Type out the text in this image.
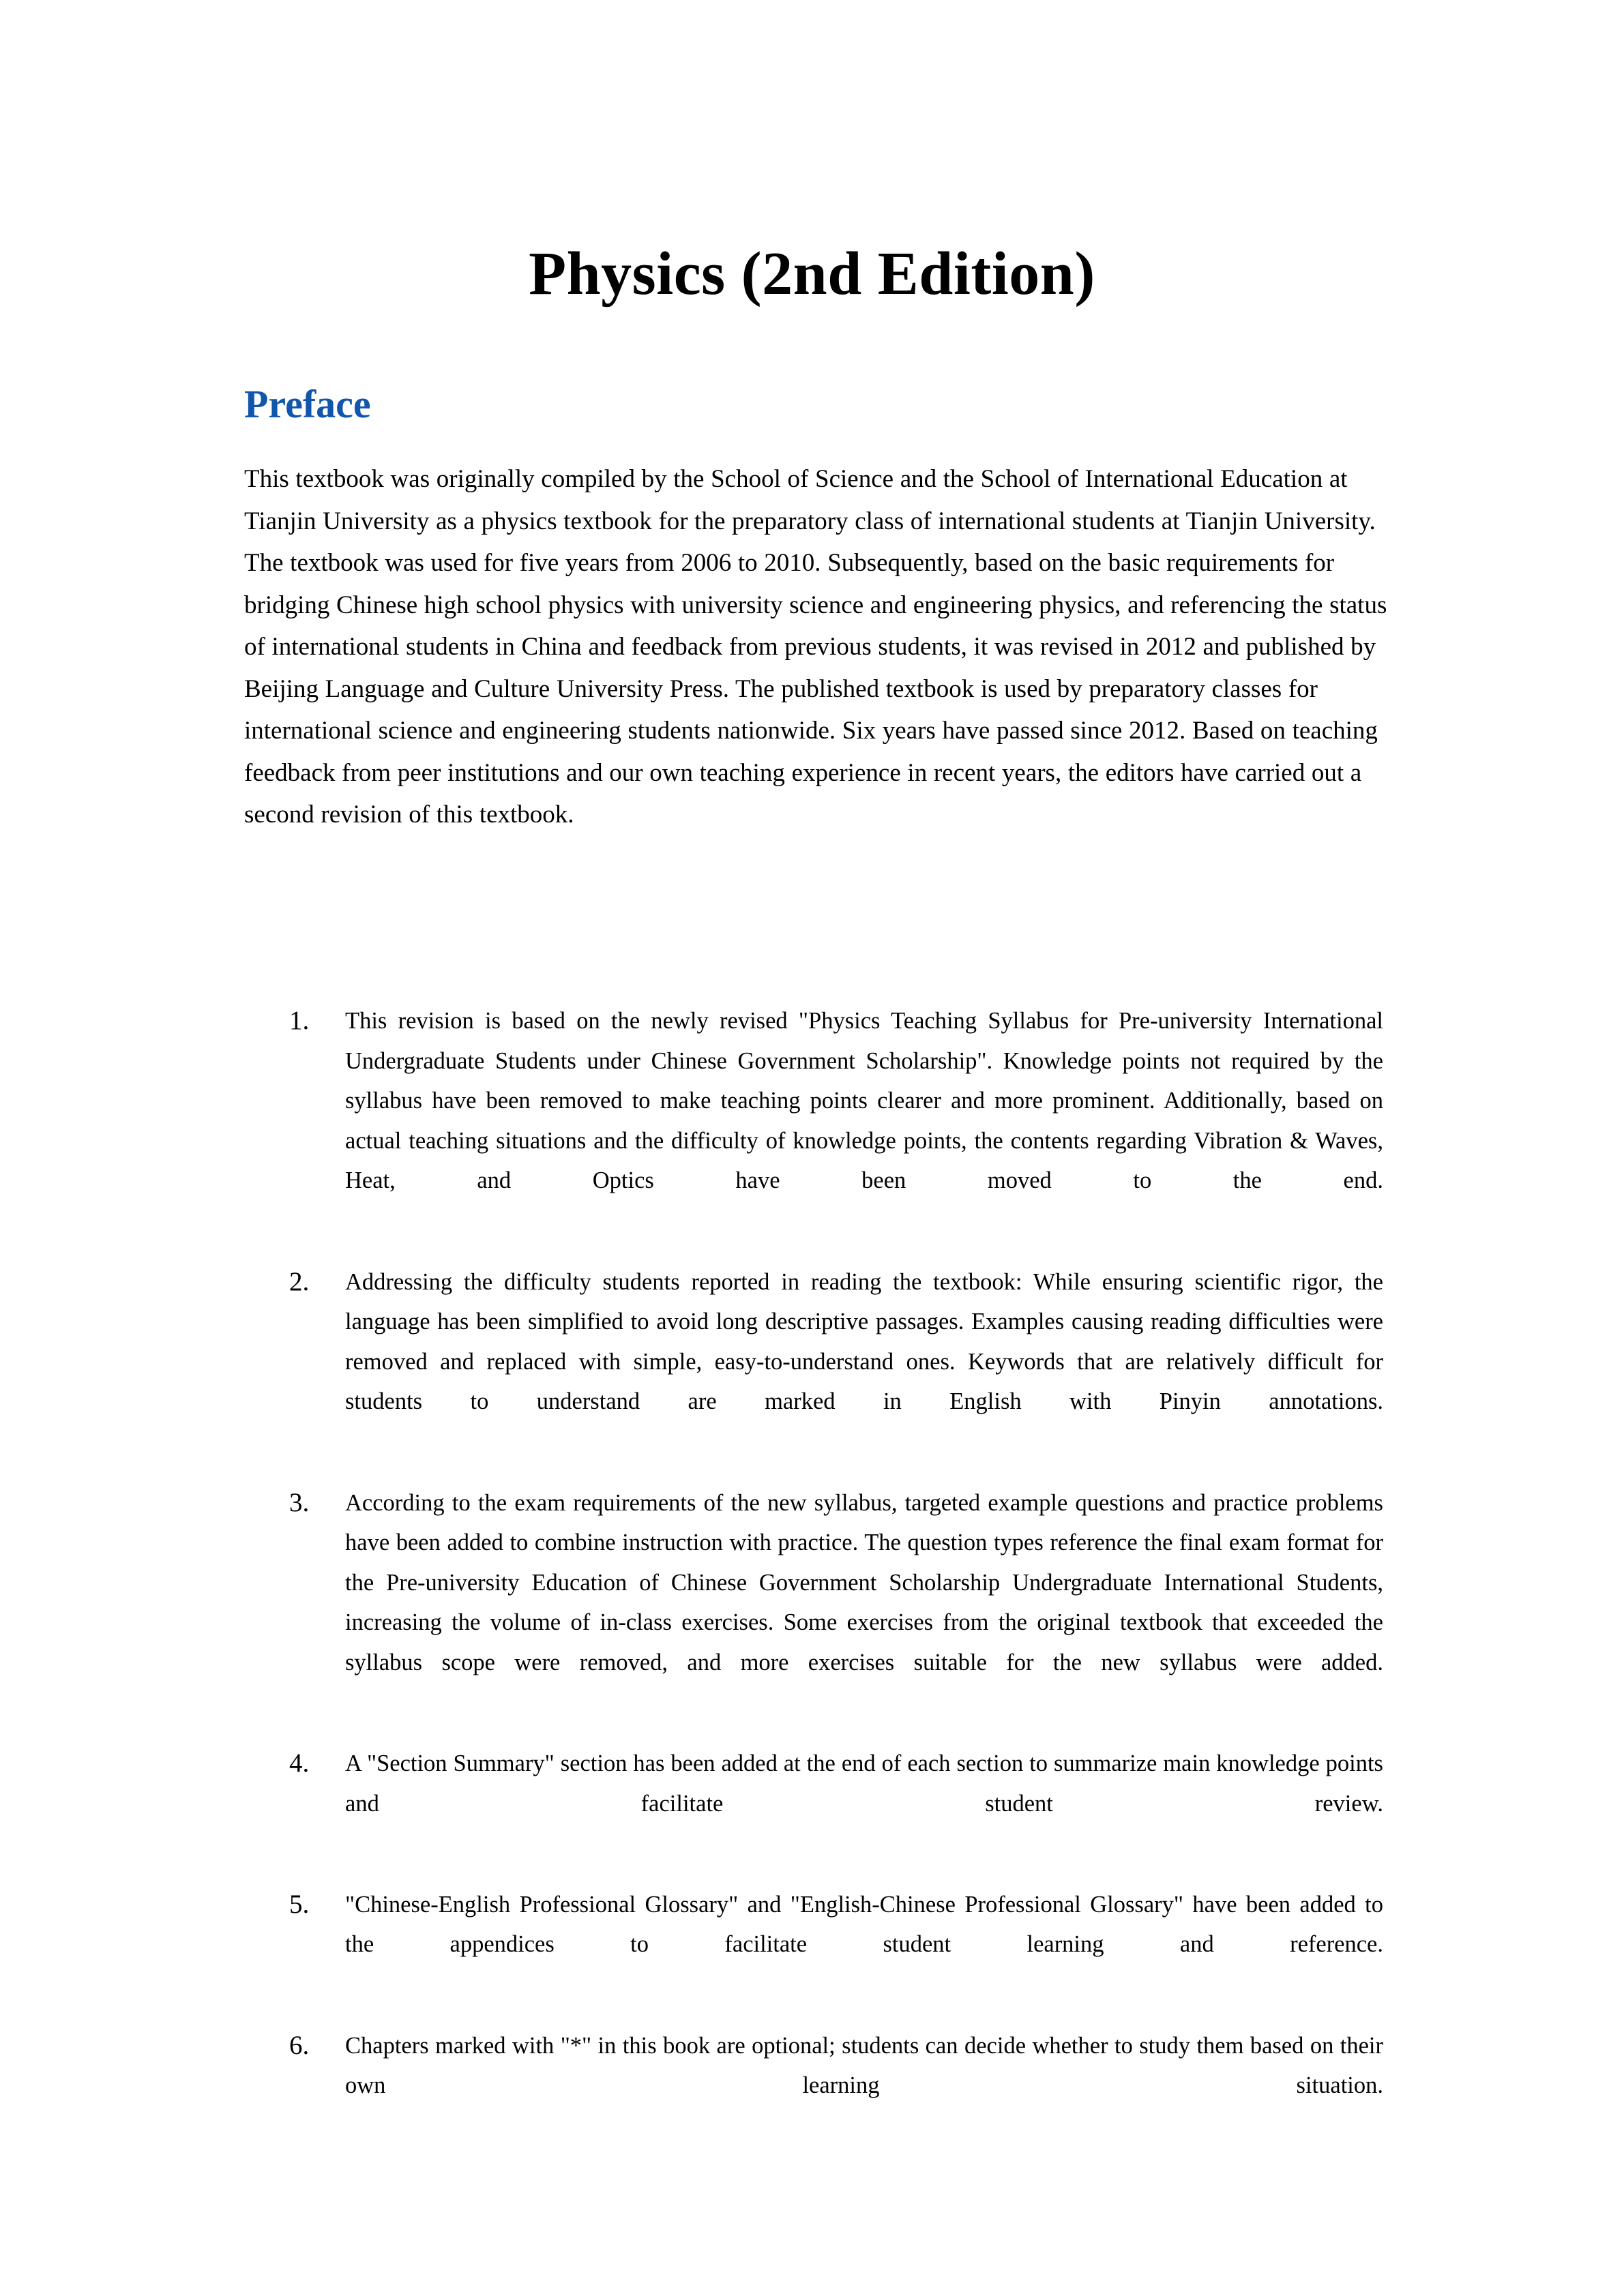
Physics (2nd Edition)
Preface

This textbook was originally compiled by the School of Science and the School of International Education at Tianjin University as a physics textbook for the preparatory class of international students at Tianjin University. The textbook was used for five years from 2006 to 2010. Subsequently, based on the basic requirements for bridging Chinese high school physics with university science and engineering physics, and referencing the status of international students in China and feedback from previous students, it was revised in 2012 and published by Beijing Language and Culture University Press. The published textbook is used by preparatory classes for international science and engineering students nationwide. Six years have passed since 2012. Based on teaching feedback from peer institutions and our own teaching experience in recent years, the editors have carried out a second revision of this textbook.

1.	This revision is based on the newly revised "Physics Teaching Syllabus for Pre-university International Undergraduate Students under Chinese Government Scholarship". Knowledge points not required by the syllabus have been removed to make teaching points clearer and more prominent. Additionally, based on actual teaching situations and the difficulty of knowledge points, the contents regarding Vibration & Waves, Heat, and Optics have been moved to the end.
2.	Addressing the difficulty students reported in reading the textbook: While ensuring scientific rigor, the language has been simplified to avoid long descriptive passages. Examples causing reading difficulties were removed and replaced with simple, easy-to-understand ones. Keywords that are relatively difficult for students to understand are marked in English with Pinyin annotations.
3.	According to the exam requirements of the new syllabus, targeted example questions and practice problems have been added to combine instruction with practice. The question types reference the final exam format for the Pre-university Education of Chinese Government Scholarship Undergraduate International Students, increasing the volume of in-class exercises. Some exercises from the original textbook that exceeded the syllabus scope were removed, and more exercises suitable for the new syllabus were added.
4.	A "Section Summary" section has been added at the end of each section to summarize main knowledge points and facilitate student review.
5.	"Chinese-English Professional Glossary" and "English-Chinese Professional Glossary" have been added to the appendices to facilitate student learning and reference.
6.	Chapters marked with "*" in this book are optional; students can decide whether to study them based on their own learning situation.
